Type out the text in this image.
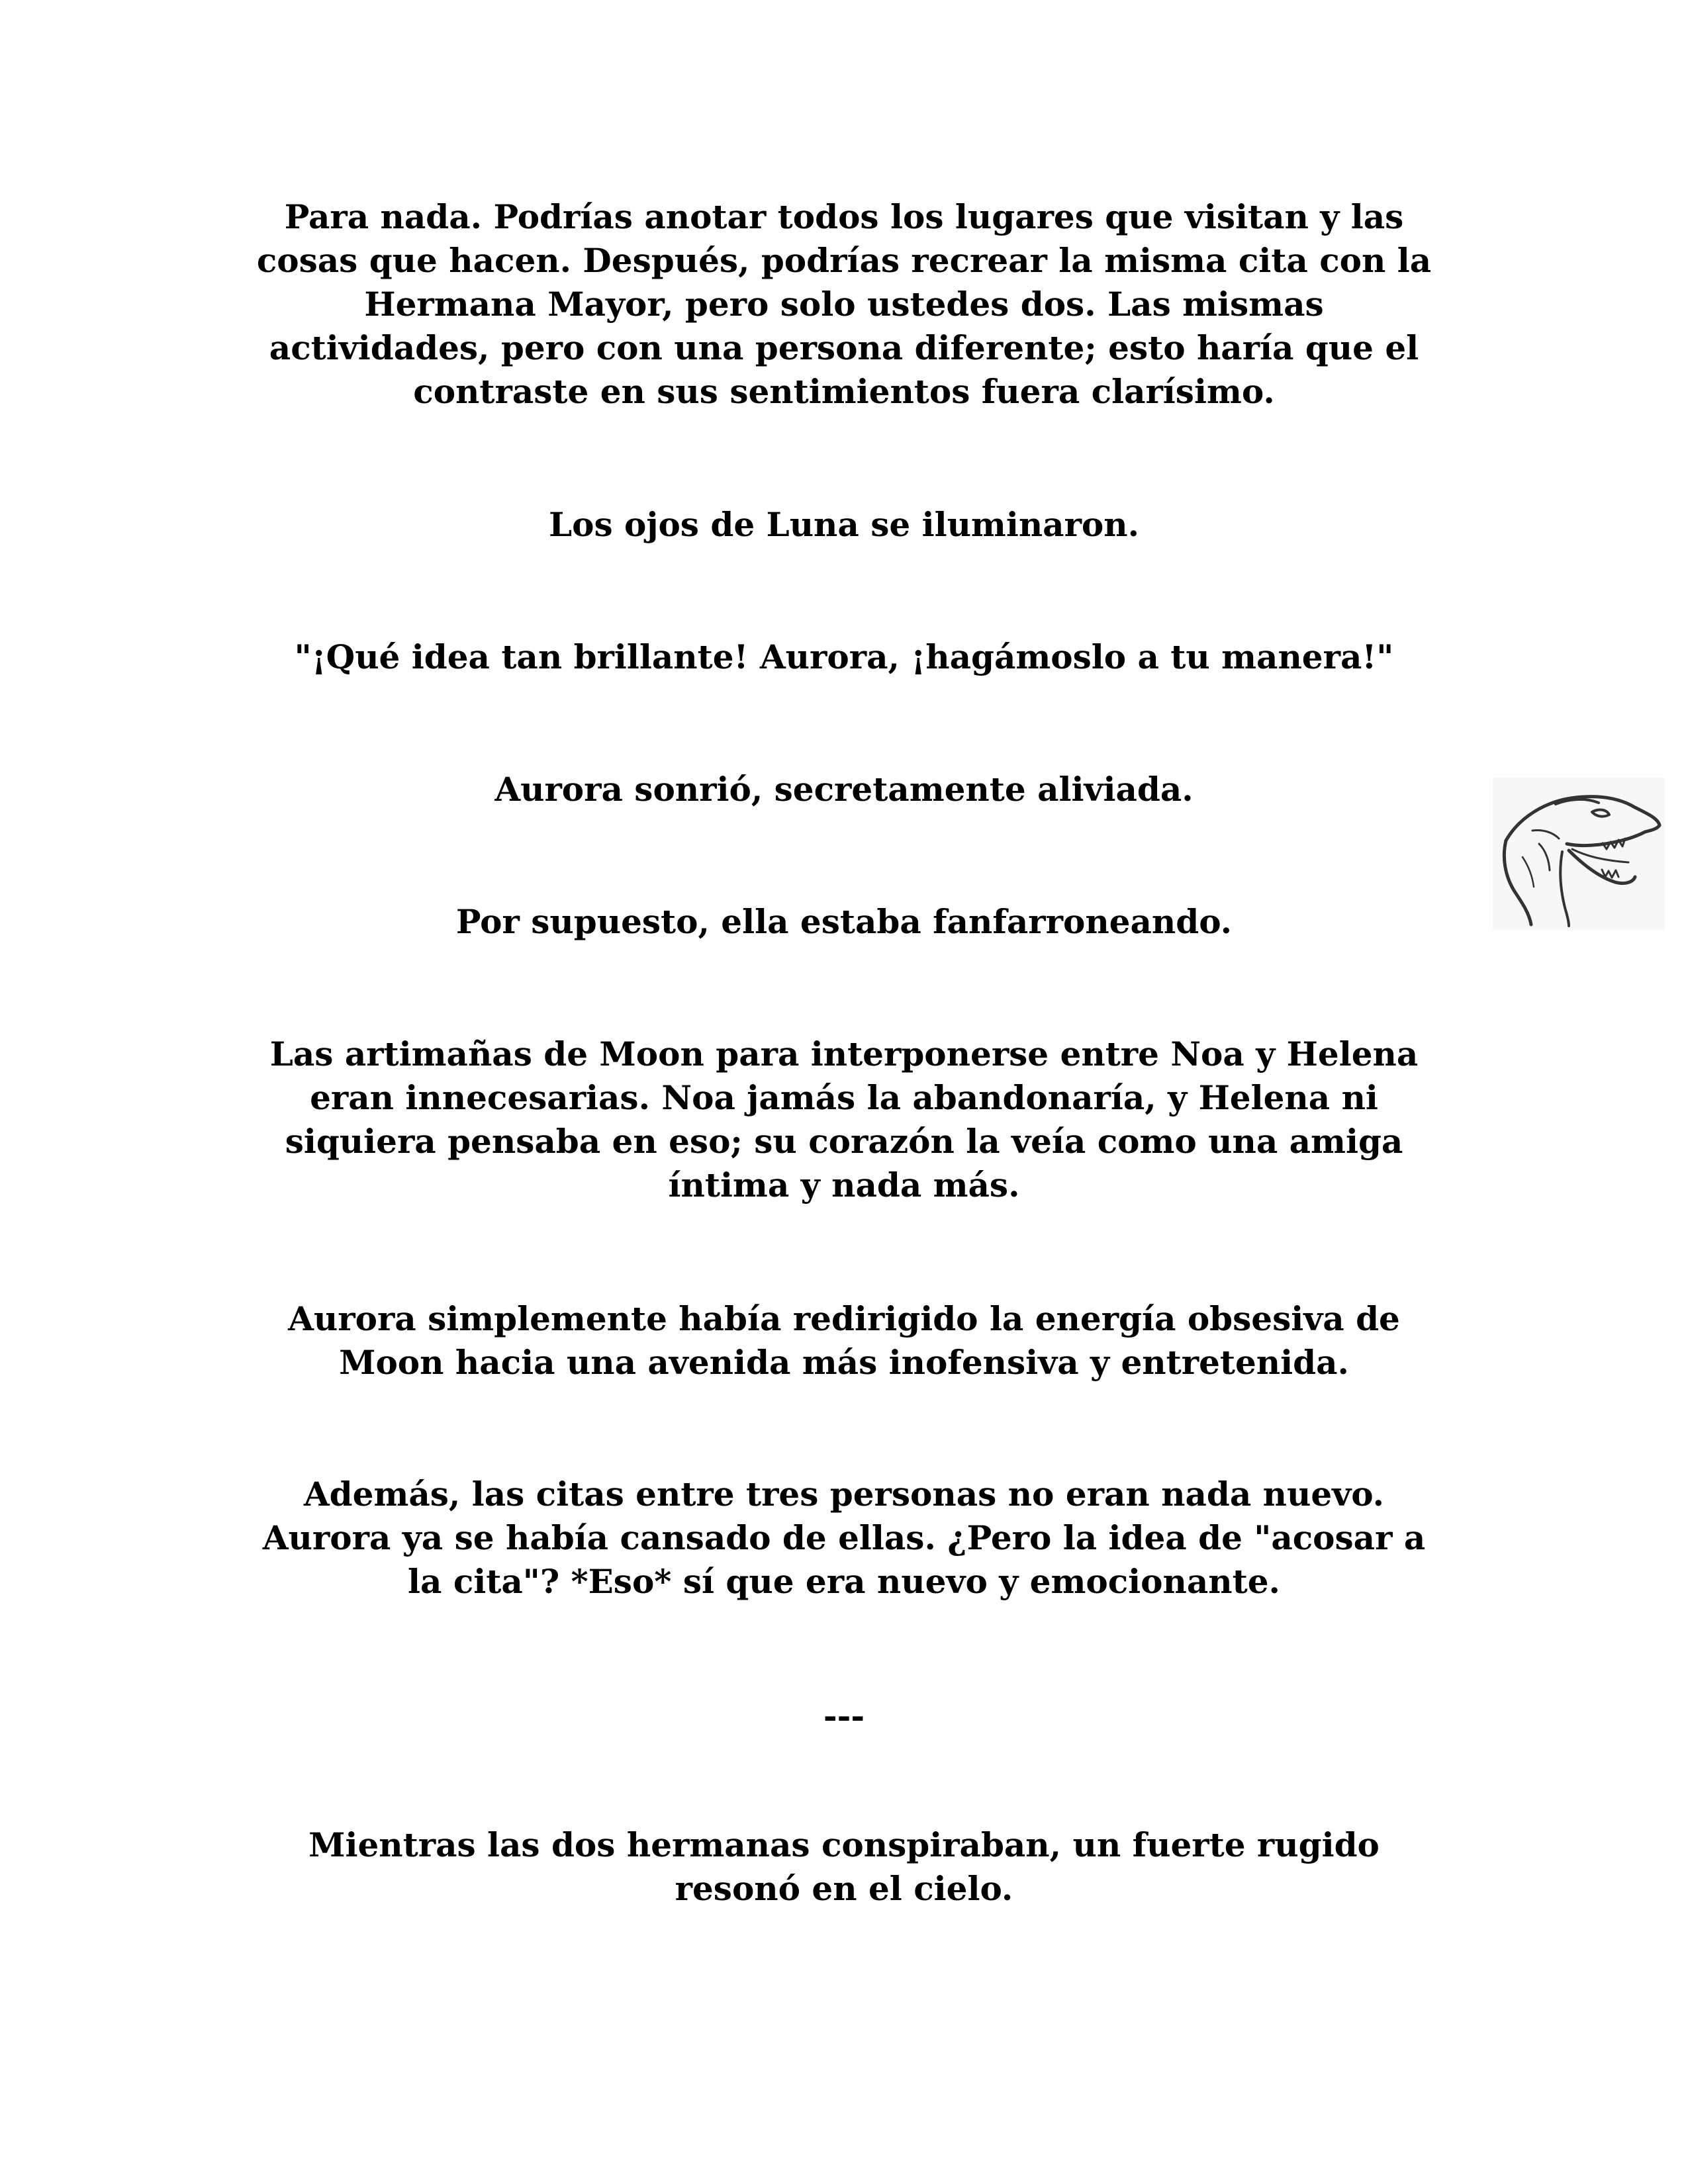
Para nada. Podrías anotar todos los lugares que visitan y las
cosas que hacen. Después, podrías recrear la misma cita con la
Hermana Mayor, pero solo ustedes dos. Las mismas
actividades, pero con una persona diferente; esto haría que el
contraste en sus sentimientos fuera clarísimo.

Los ojos de Luna se iluminaron.

"¡Qué idea tan brillante! Aurora, ¡hagámoslo a tu manera!"

Aurora sonrió, secretamente aliviada.

Por supuesto, ella estaba fanfarroneando.

Las artimañas de Moon para interponerse entre Noa y Helena
eran innecesarias. Noa jamás la abandonaría, y Helena ni
siquiera pensaba en eso; su corazón la veía como una amiga
íntima y nada más.

Aurora simplemente había redirigido la energía obsesiva de
Moon hacia una avenida más inofensiva y entretenida.

Además, las citas entre tres personas no eran nada nuevo.
Aurora ya se había cansado de ellas. ¿Pero la idea de "acosar a
la cita"? *Eso* sí que era nuevo y emocionante.

---

Mientras las dos hermanas conspiraban, un fuerte rugido
resonó en el cielo.
